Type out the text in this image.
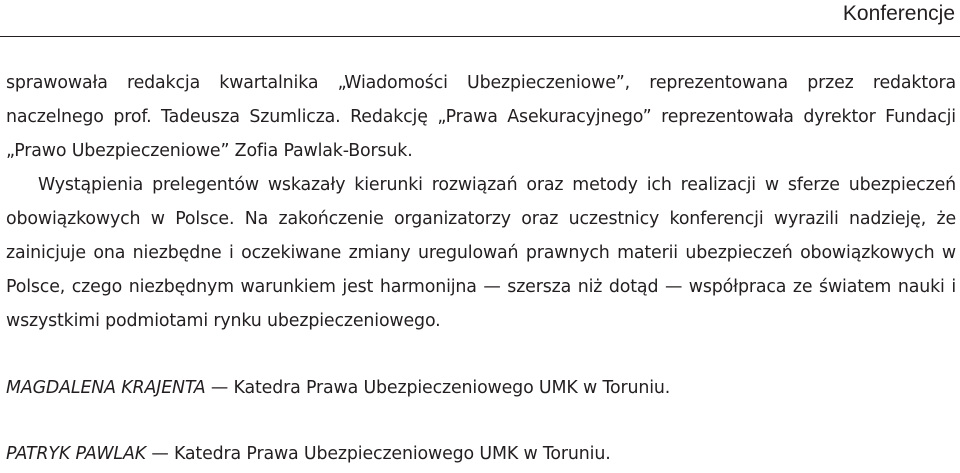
Konferencje

sprawowała redakcja kwartalnika „Wiadomości Ubezpieczeniowe”, reprezentowana przez redaktora naczelnego prof. Tadeusza Szumlicza. Redakcję „Prawa Asekuracyjnego” reprezentowała dyrektor Fundacji „Prawo Ubezpieczeniowe” Zofia Pawlak-Borsuk.

Wystąpienia prelegentów wskazały kierunki rozwiązań oraz metody ich realizacji w sferze ubezpieczeń obowiązkowych w Polsce. Na zakończenie organizatorzy oraz uczestnicy konferencji wyrazili nadzieję, że zainicjuje ona niezbędne i oczekiwane zmiany uregulowań prawnych materii ubezpieczeń obowiązkowych w Polsce, czego niezbędnym warunkiem jest harmonijna — szersza niż dotąd — współpraca ze światem nauki i wszystkimi podmiotami rynku ubezpieczeniowego.

MAGDALENA KRAJENTA — Katedra Prawa Ubezpieczeniowego UMK w Toruniu.
PATRYK PAWLAK — Katedra Prawa Ubezpieczeniowego UMK w Toruniu.
